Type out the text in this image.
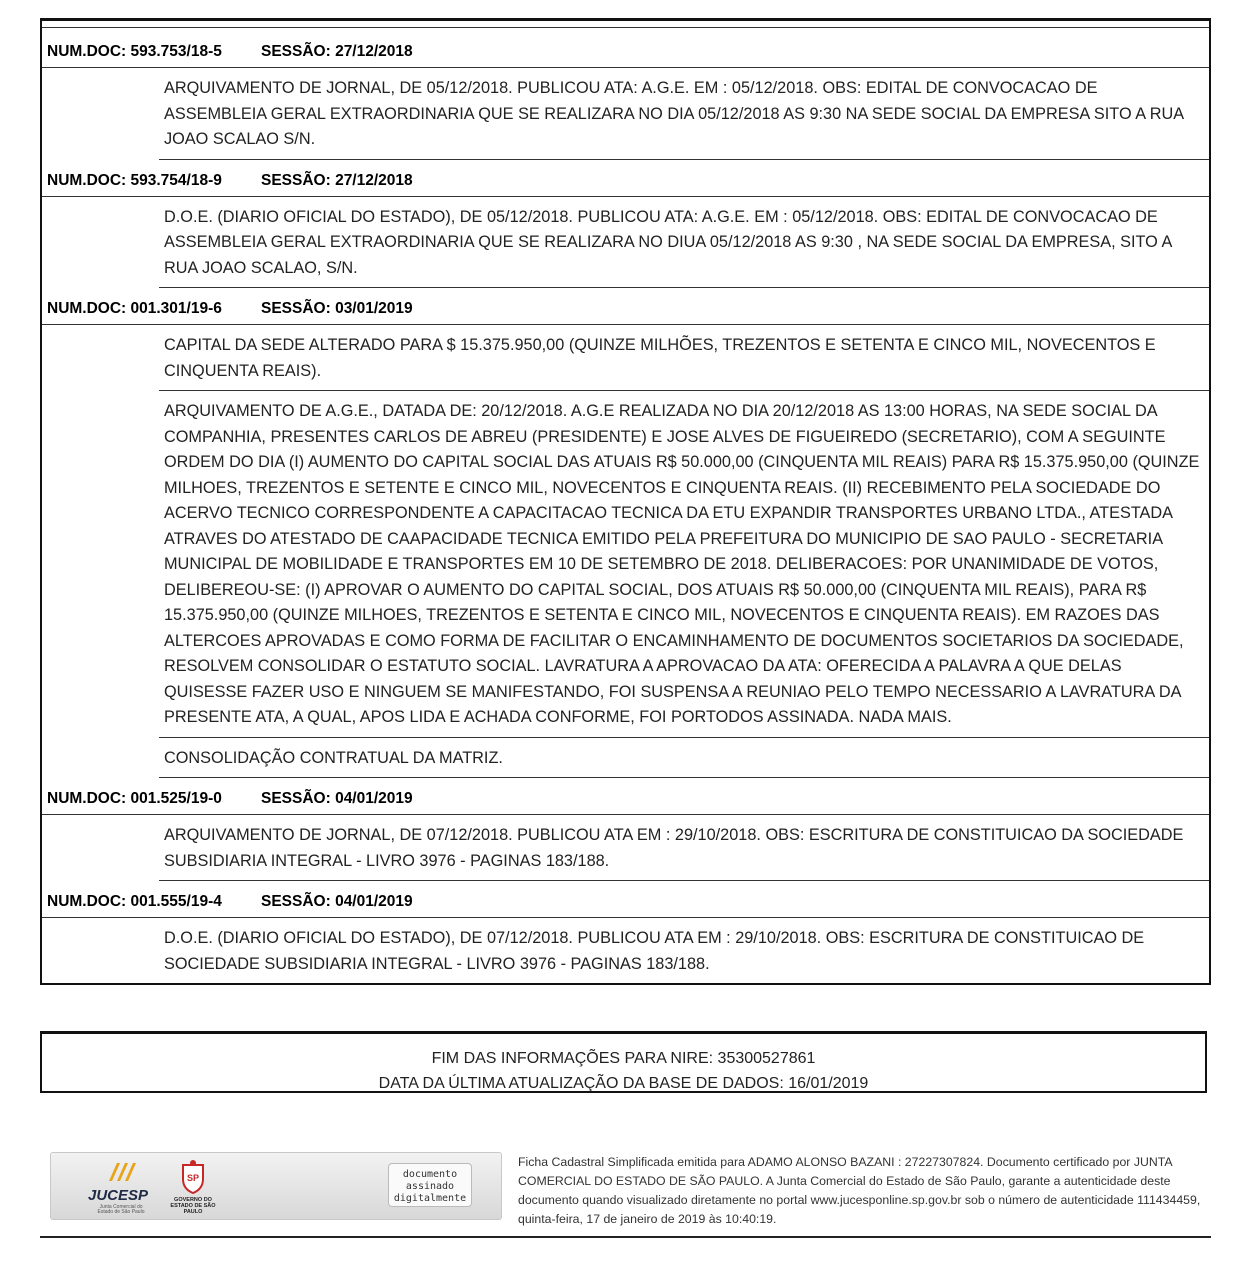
NUM.DOC: 593.753/18-5	SESSÃO: 27/12/2018
ARQUIVAMENTO DE JORNAL, DE 05/12/2018. PUBLICOU ATA: A.G.E. EM : 05/12/2018. OBS: EDITAL DE CONVOCACAO DE ASSEMBLEIA GERAL EXTRAORDINARIA QUE SE REALIZARA NO DIA 05/12/2018 AS 9:30 NA SEDE SOCIAL DA EMPRESA SITO A RUA JOAO SCALAO S/N.
NUM.DOC: 593.754/18-9	SESSÃO: 27/12/2018
D.O.E. (DIARIO OFICIAL DO ESTADO), DE 05/12/2018. PUBLICOU ATA: A.G.E. EM : 05/12/2018. OBS: EDITAL DE CONVOCACAO DE ASSEMBLEIA GERAL EXTRAORDINARIA QUE SE REALIZARA NO DIUA 05/12/2018 AS 9:30 , NA SEDE SOCIAL DA EMPRESA, SITO A RUA JOAO SCALAO, S/N.
NUM.DOC: 001.301/19-6	SESSÃO: 03/01/2019
CAPITAL DA SEDE ALTERADO PARA $ 15.375.950,00 (QUINZE MILHÕES, TREZENTOS E SETENTA E CINCO MIL, NOVECENTOS E CINQUENTA REAIS).
ARQUIVAMENTO DE A.G.E., DATADA DE: 20/12/2018. A.G.E REALIZADA NO DIA 20/12/2018 AS 13:00 HORAS, NA SEDE SOCIAL DA COMPANHIA, PRESENTES CARLOS DE ABREU (PRESIDENTE) E JOSE ALVES DE FIGUEIREDO (SECRETARIO), COM A SEGUINTE ORDEM DO DIA (I) AUMENTO DO CAPITAL SOCIAL DAS ATUAIS R$ 50.000,00 (CINQUENTA MIL REAIS) PARA R$ 15.375.950,00 (QUINZE MILHOES, TREZENTOS E SETENTE E CINCO MIL, NOVECENTOS E CINQUENTA REAIS. (II) RECEBIMENTO PELA SOCIEDADE DO ACERVO TECNICO CORRESPONDENTE A CAPACITACAO TECNICA DA ETU EXPANDIR TRANSPORTES URBANO LTDA., ATESTADA ATRAVES DO ATESTADO DE CAAPACIDADE TECNICA EMITIDO PELA PREFEITURA DO MUNICIPIO DE SAO PAULO - SECRETARIA MUNICIPAL DE MOBILIDADE E TRANSPORTES EM 10 DE SETEMBRO DE 2018. DELIBERACOES: POR UNANIMIDADE DE VOTOS, DELIBEREOU-SE: (I) APROVAR O AUMENTO DO CAPITAL SOCIAL, DOS ATUAIS R$ 50.000,00 (CINQUENTA MIL REAIS), PARA R$ 15.375.950,00 (QUINZE MILHOES, TREZENTOS E SETENTA E CINCO MIL, NOVECENTOS E CINQUENTA REAIS). EM RAZOES DAS ALTERCOES APROVADAS E COMO FORMA DE FACILITAR O ENCAMINHAMENTO DE DOCUMENTOS SOCIETARIOS DA SOCIEDADE, RESOLVEM CONSOLIDAR O ESTATUTO SOCIAL. LAVRATURA A APROVACAO DA ATA: OFERECIDA A PALAVRA A QUE DELAS QUISESSE FAZER USO E NINGUEM SE MANIFESTANDO, FOI SUSPENSA A REUNIAO PELO TEMPO NECESSARIO A LAVRATURA DA PRESENTE ATA, A QUAL, APOS LIDA E ACHADA CONFORME, FOI PORTODOS ASSINADA. NADA MAIS.
CONSOLIDAÇÃO CONTRATUAL DA MATRIZ.
NUM.DOC: 001.525/19-0	SESSÃO: 04/01/2019
ARQUIVAMENTO DE JORNAL, DE 07/12/2018. PUBLICOU ATA EM : 29/10/2018. OBS: ESCRITURA DE CONSTITUICAO DA SOCIEDADE SUBSIDIARIA INTEGRAL - LIVRO 3976 - PAGINAS 183/188.
NUM.DOC: 001.555/19-4	SESSÃO: 04/01/2019
D.O.E. (DIARIO OFICIAL DO ESTADO), DE 07/12/2018. PUBLICOU ATA EM : 29/10/2018. OBS: ESCRITURA DE CONSTITUICAO DE SOCIEDADE SUBSIDIARIA INTEGRAL - LIVRO 3976 - PAGINAS 183/188.
FIM DAS INFORMAÇÕES PARA NIRE: 35300527861
DATA DA ÚLTIMA ATUALIZAÇÃO DA BASE DE DADOS: 16/01/2019
JUCESP
Junta Comercial do Estado de São Paulo
SP
GOVERNO DO ESTADO DE SÃO PAULO
documento assinado digitalmente
Ficha Cadastral Simplificada emitida para ADAMO ALONSO BAZANI : 27227307824. Documento certificado por JUNTA COMERCIAL DO ESTADO DE SÃO PAULO. A Junta Comercial do Estado de São Paulo, garante a autenticidade deste documento quando visualizado diretamente no portal www.jucesponline.sp.gov.br sob o número de autenticidade 111434459, quinta-feira, 17 de janeiro de 2019 às 10:40:19.
